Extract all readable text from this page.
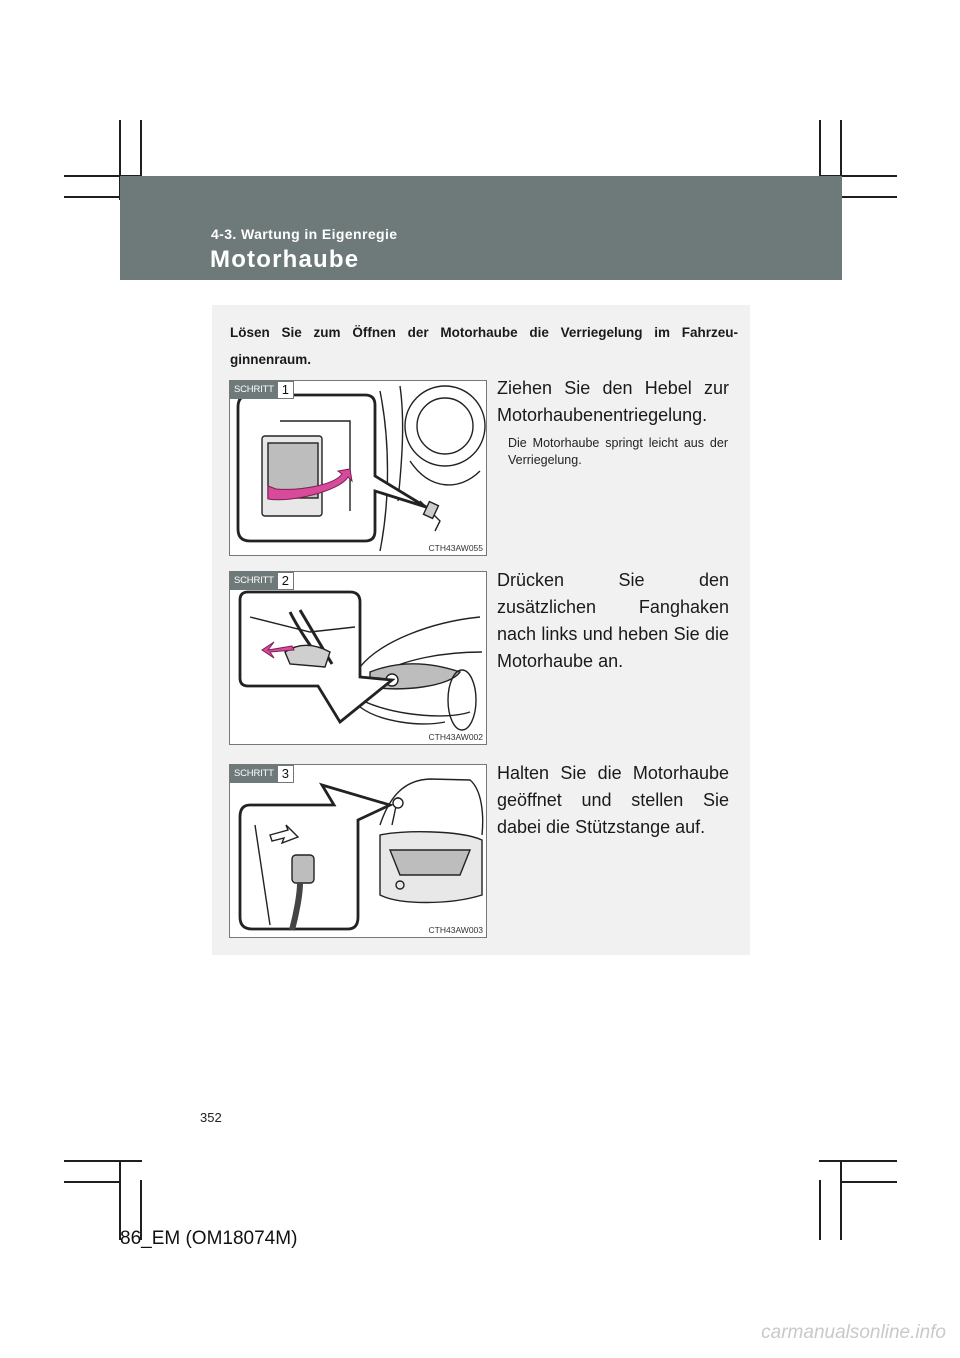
4-3. Wartung in Eigenregie
Motorhaube
Lösen Sie zum Öffnen der Motorhaube die Verriegelung im Fahrzeu-ginnenraum.
SCHRITT 1
CTH43AW055
Ziehen Sie den Hebel zur Motorhaubenentriegelung.
Die Motorhaube springt leicht aus der Verriegelung.
SCHRITT 2
CTH43AW002
Drücken Sie den zusätzlichen Fanghaken nach links und heben Sie die Motorhaube an.
SCHRITT 3
CTH43AW003
Halten Sie die Motorhaube geöffnet und stellen Sie dabei die Stützstange auf.
352
86_EM (OM18074M)
carmanualsonline.info
